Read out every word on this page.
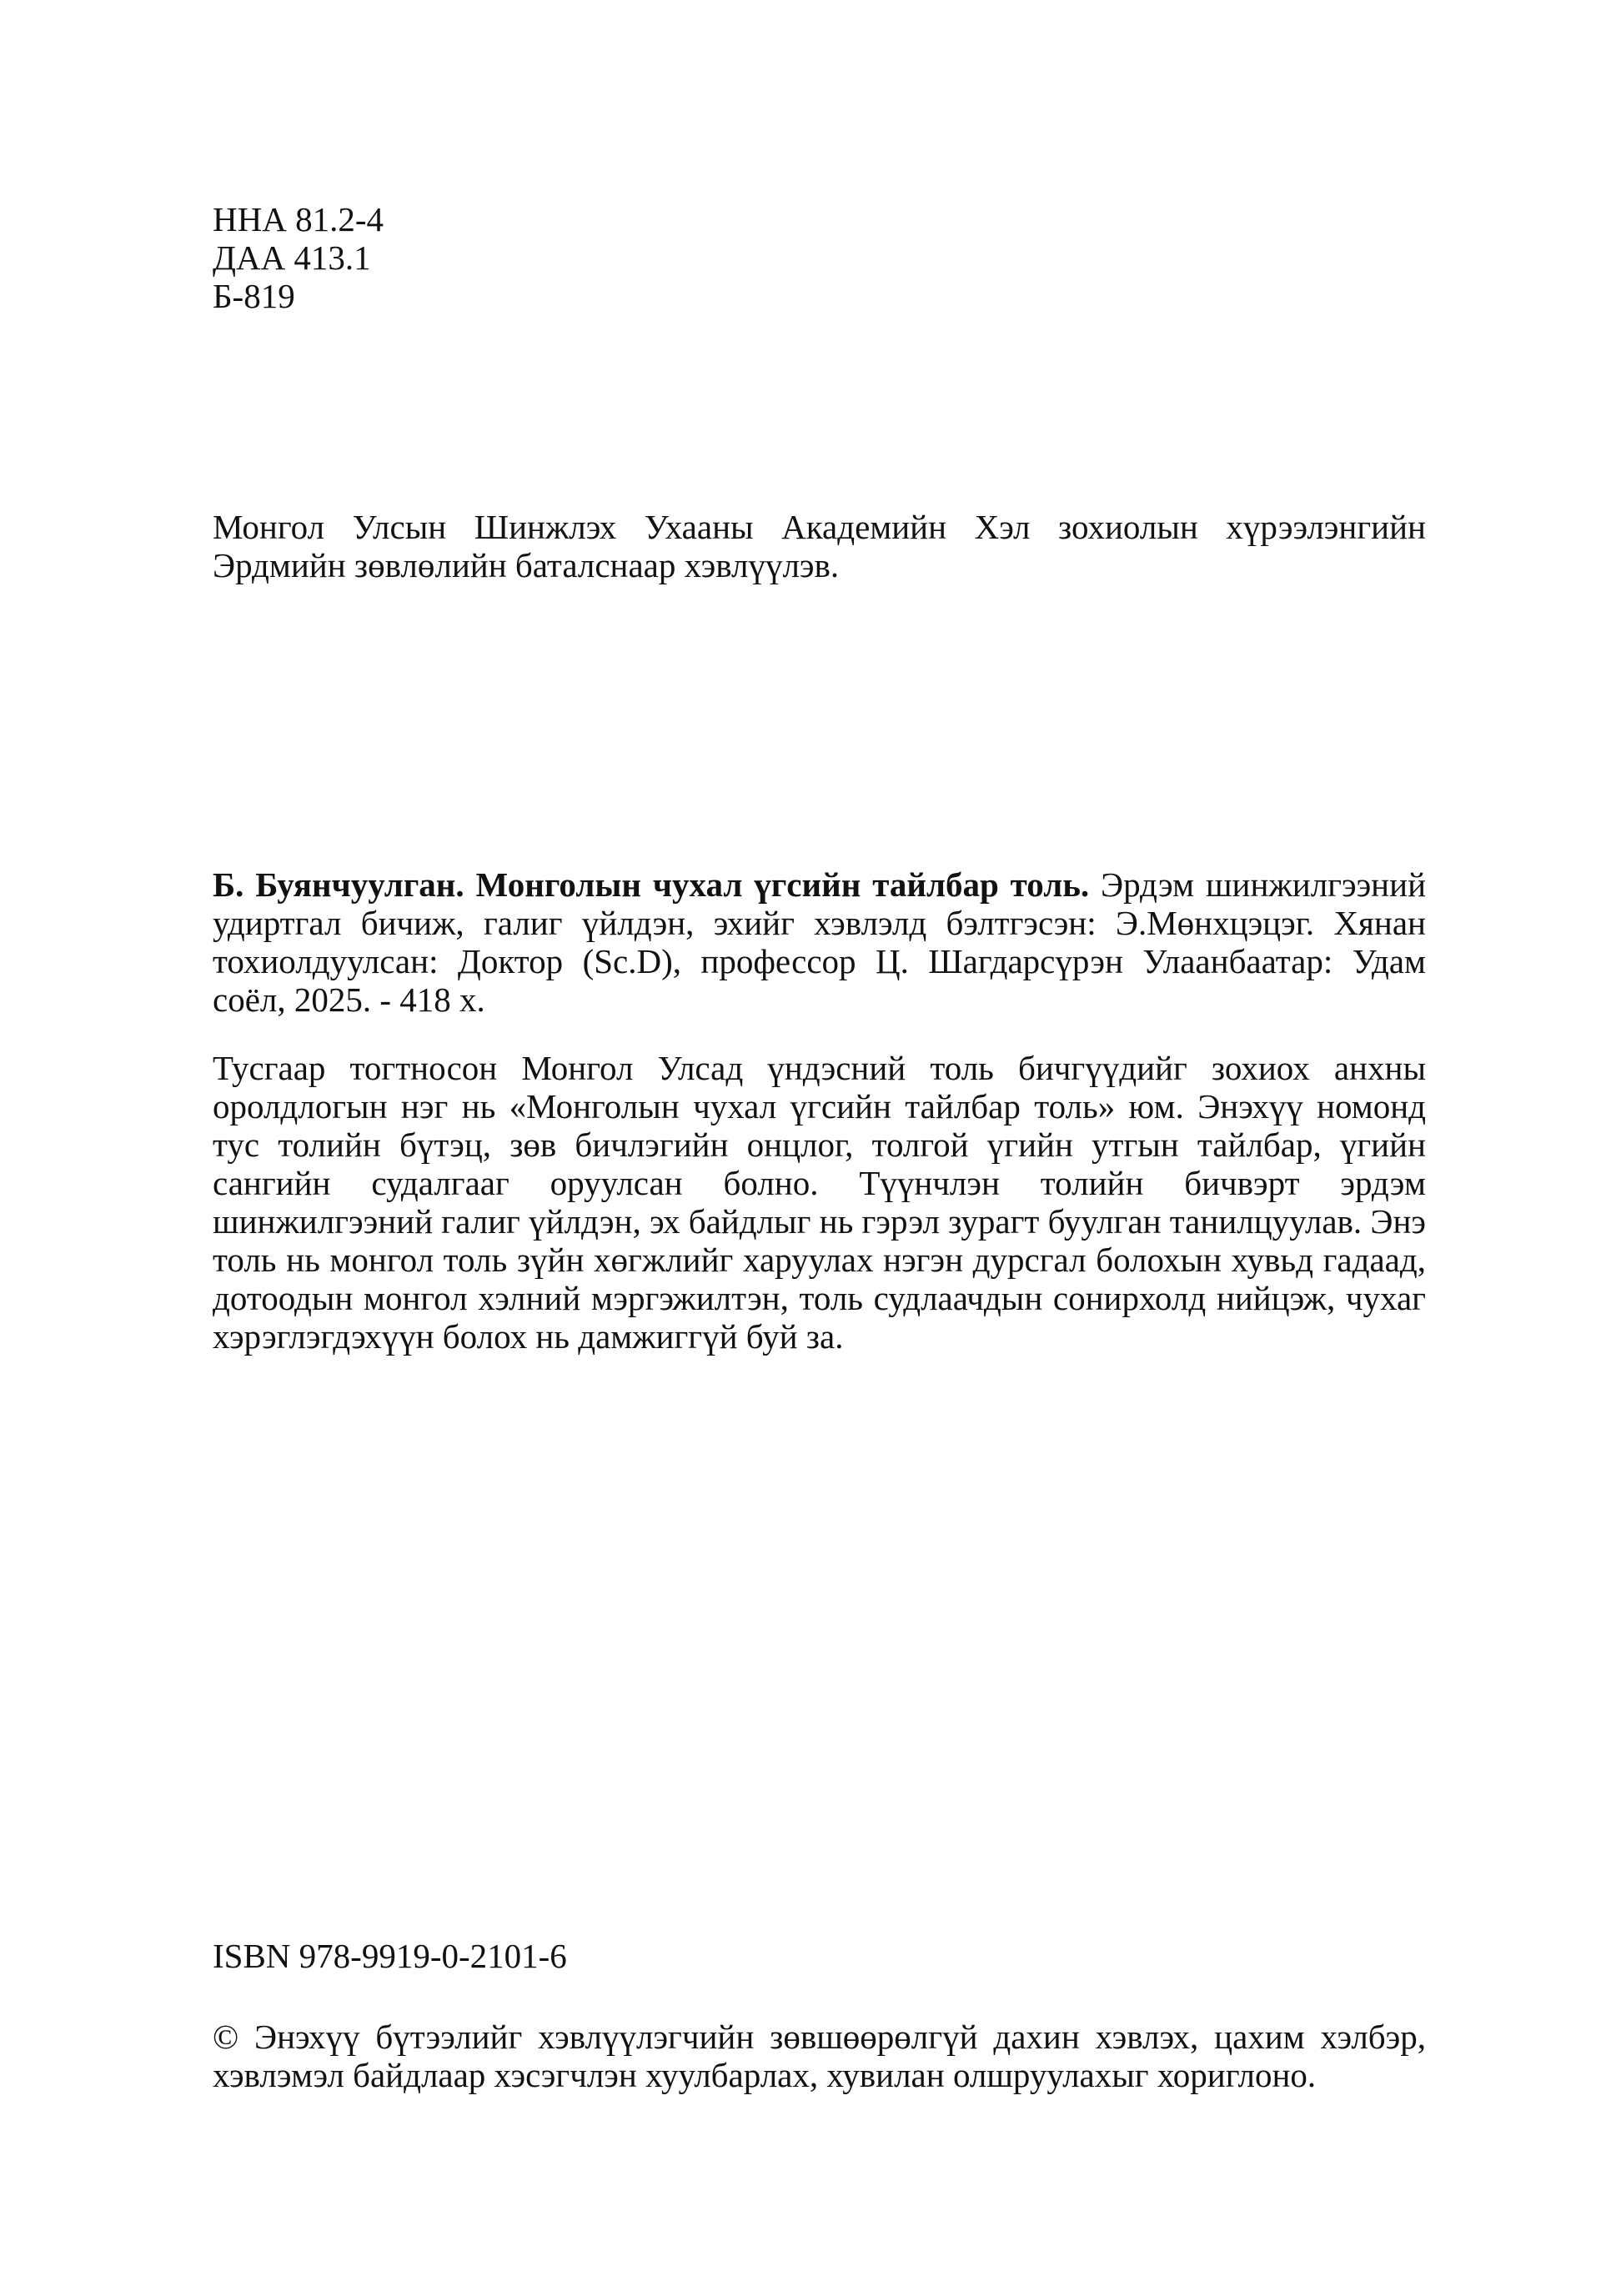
ННА 81.2-4
ДАА 413.1
Б-819
Монгол Улсын Шинжлэх Ухааны Академийн Хэл зохиолын хүрээлэнгийн Эрдмийн зөвлөлийн баталснаар хэвлүүлэв.
Б. Буянчуулган. Монголын чухал үгсийн тайлбар толь. Эрдэм шинжилгээний удиртгал бичиж, галиг үйлдэн, эхийг хэвлэлд бэлтгэсэн: Э.Мөнхцэцэг. Хянан тохиолдуулсан: Доктор (Sc.D), профессор Ц. Шагдарсүрэн Улаанбаатар: Удам соёл, 2025. - 418 х.
Тусгаар тогтносон Монгол Улсад үндэсний толь бичгүүдийг зохиох анхны оролдлогын нэг нь «Монголын чухал үгсийн тайлбар толь» юм. Энэхүү номонд тус толийн бүтэц, зөв бичлэгийн онцлог, толгой үгийн утгын тайлбар, үгийн сангийн судалгааг оруулсан болно. Түүнчлэн толийн бичвэрт эрдэм шинжилгээний галиг үйлдэн, эх байдлыг нь гэрэл зурагт буулган танилцуулав. Энэ толь нь монгол толь зүйн хөгжлийг харуулах нэгэн дурсгал болохын хувьд гадаад, дотоодын монгол хэлний мэргэжилтэн, толь судлаачдын сонирхолд нийцэж, чухаг хэрэглэгдэхүүн болох нь дамжиггүй буй за.
ISBN 978-9919-0-2101-6
© Энэхүү бүтээлийг хэвлүүлэгчийн зөвшөөрөлгүй дахин хэвлэх, цахим хэлбэр, хэвлэмэл байдлаар хэсэгчлэн хуулбарлах, хувилан олшруулахыг хориглоно.
